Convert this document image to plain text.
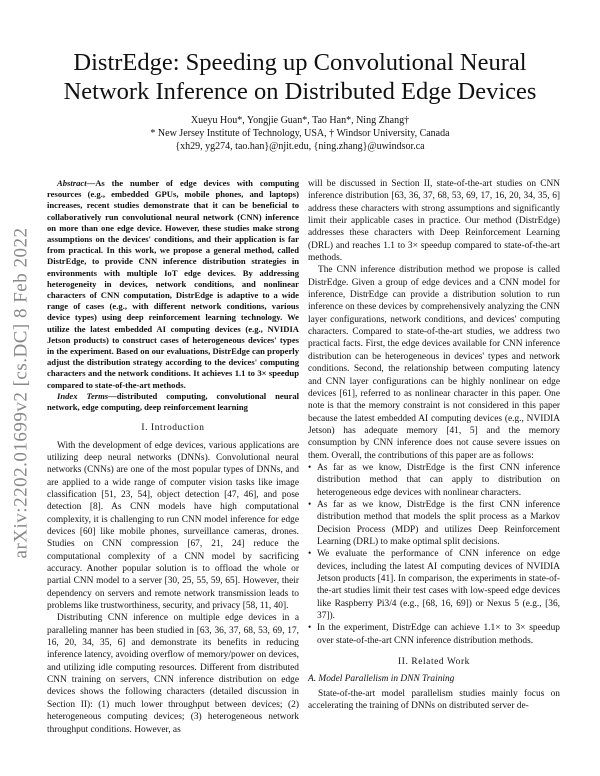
arXiv:2202.01699v2 [cs.DC] 8 Feb 2022
DistrEdge: Speeding up Convolutional Neural Network Inference on Distributed Edge Devices
Xueyu Hou*, Yongjie Guan*, Tao Han*, Ning Zhang†
* New Jersey Institute of Technology, USA, † Windsor University, Canada
{xh29, yg274, tao.han}@njit.edu, {ning.zhang}@uwindsor.ca

Abstract—As the number of edge devices with computing resources (e.g., embedded GPUs, mobile phones, and laptops) increases, recent studies demonstrate that it can be beneficial to collaboratively run convolutional neural network (CNN) inference on more than one edge device. However, these studies make strong assumptions on the devices' conditions, and their application is far from practical. In this work, we propose a general method, called DistrEdge, to provide CNN inference distribution strategies in environments with multiple IoT edge devices. By addressing heterogeneity in devices, network conditions, and nonlinear characters of CNN computation, DistrEdge is adaptive to a wide range of cases (e.g., with different network conditions, various device types) using deep reinforcement learning technology. We utilize the latest embedded AI computing devices (e.g., NVIDIA Jetson products) to construct cases of heterogeneous devices' types in the experiment. Based on our evaluations, DistrEdge can properly adjust the distribution strategy according to the devices' computing characters and the network conditions. It achieves 1.1 to 3× speedup compared to state-of-the-art methods.

Index Terms—distributed computing, convolutional neural network, edge computing, deep reinforcement learning

I. Introduction

With the development of edge devices, various applications are utilizing deep neural networks (DNNs). Convolutional neural networks (CNNs) are one of the most popular types of DNNs, and are applied to a wide range of computer vision tasks like image classification [51, 23, 54], object detection [47, 46], and pose detection [8]. As CNN models have high computational complexity, it is challenging to run CNN model inference for edge devices [60] like mobile phones, surveillance cameras, drones. Studies on CNN compression [67, 21, 24] reduce the computational complexity of a CNN model by sacrificing accuracy. Another popular solution is to offload the whole or partial CNN model to a server [30, 25, 55, 59, 65]. However, their dependency on servers and remote network transmission leads to problems like trustworthiness, security, and privacy [58, 11, 40].

Distributing CNN inference on multiple edge devices in a paralleling manner has been studied in [63, 36, 37, 68, 53, 69, 17, 16, 20, 34, 35, 6] and demonstrate its benefits in reducing inference latency, avoiding overflow of memory/power on devices, and utilizing idle computing resources. Different from distributed CNN training on servers, CNN inference distribution on edge devices shows the following characters (detailed discussion in Section II): (1) much lower throughput between devices; (2) heterogeneous computing devices; (3) heterogeneous network throughput conditions. However, as

will be discussed in Section II, state-of-the-art studies on CNN inference distribution [63, 36, 37, 68, 53, 69, 17, 16, 20, 34, 35, 6] address these characters with strong assumptions and significantly limit their applicable cases in practice. Our method (DistrEdge) addresses these characters with Deep Reinforcement Learning (DRL) and reaches 1.1 to 3× speedup compared to state-of-the-art methods.

The CNN inference distribution method we propose is called DistrEdge. Given a group of edge devices and a CNN model for inference, DistrEdge can provide a distribution solution to run inference on these devices by comprehensively analyzing the CNN layer configurations, network conditions, and devices' computing characters. Compared to state-of-the-art studies, we address two practical facts. First, the edge devices available for CNN inference distribution can be heterogeneous in devices' types and network conditions. Second, the relationship between computing latency and CNN layer configurations can be highly nonlinear on edge devices [61], referred to as nonlinear character in this paper. One note is that the memory constraint is not considered in this paper because the latest embedded AI computing devices (e.g., NVIDIA Jetson) has adequate memory [41, 5] and the memory consumption by CNN inference does not cause severe issues on them. Overall, the contributions of this paper are as follows:

• As far as we know, DistrEdge is the first CNN inference distribution method that can apply to distribution on heterogeneous edge devices with nonlinear characters.
• As far as we know, DistrEdge is the first CNN inference distribution method that models the split process as a Markov Decision Process (MDP) and utilizes Deep Reinforcement Learning (DRL) to make optimal split decisions.
• We evaluate the performance of CNN inference on edge devices, including the latest AI computing devices of NVIDIA Jetson products [41]. In comparison, the experiments in state-of-the-art studies limit their test cases with low-speed edge devices like Raspberry Pi3/4 (e.g., [68, 16, 69]) or Nexus 5 (e.g., [36, 37]).
• In the experiment, DistrEdge can achieve 1.1× to 3× speedup over state-of-the-art CNN inference distribution methods.
II. Related Work
A. Model Parallelism in DNN Training

State-of-the-art model parallelism studies mainly focus on accelerating the training of DNNs on distributed server de-
